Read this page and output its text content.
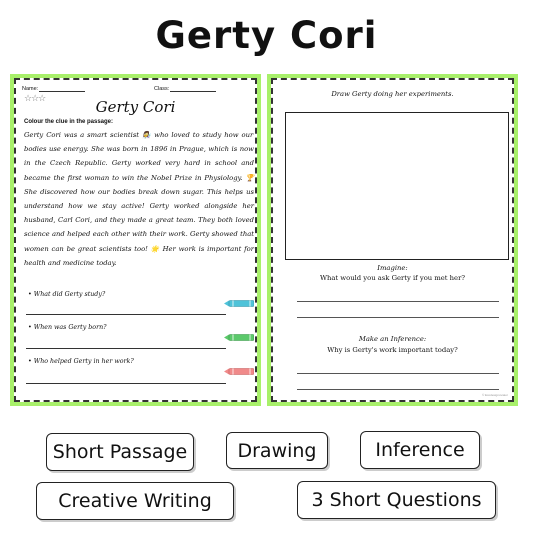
Gerty Cori
Name:	Class:
☆☆☆	Gerty Cori
Colour the clue in the passage:

Gerty Cori was a smart scientist 👩‍🔬 who loved to study how our bodies use energy. She was born in 1896 in Prague, which is now in the Czech Republic. Gerty worked very hard in school and became the first woman to win the Nobel Prize in Physiology. 🏆 She discovered how our bodies break down sugar. This helps us understand how we stay active! Gerty worked alongside her husband, Carl Cori, and they made a great team. They both loved science and helped each other with their work. Gerty showed that women can be great scientists too! 🌟 Her work is important for health and medicine today.

• What did Gerty study?
• When was Gerty born?
• Who helped Gerty in her work?
Draw Gerty doing her experiments.
Imagine:
What would you ask Gerty if you met her?
Make an Inference:
Why is Gerty's work important today?
© Ecodesignoviator
Short Passage	Drawing	Inference
Creative Writing	3 Short Questions
